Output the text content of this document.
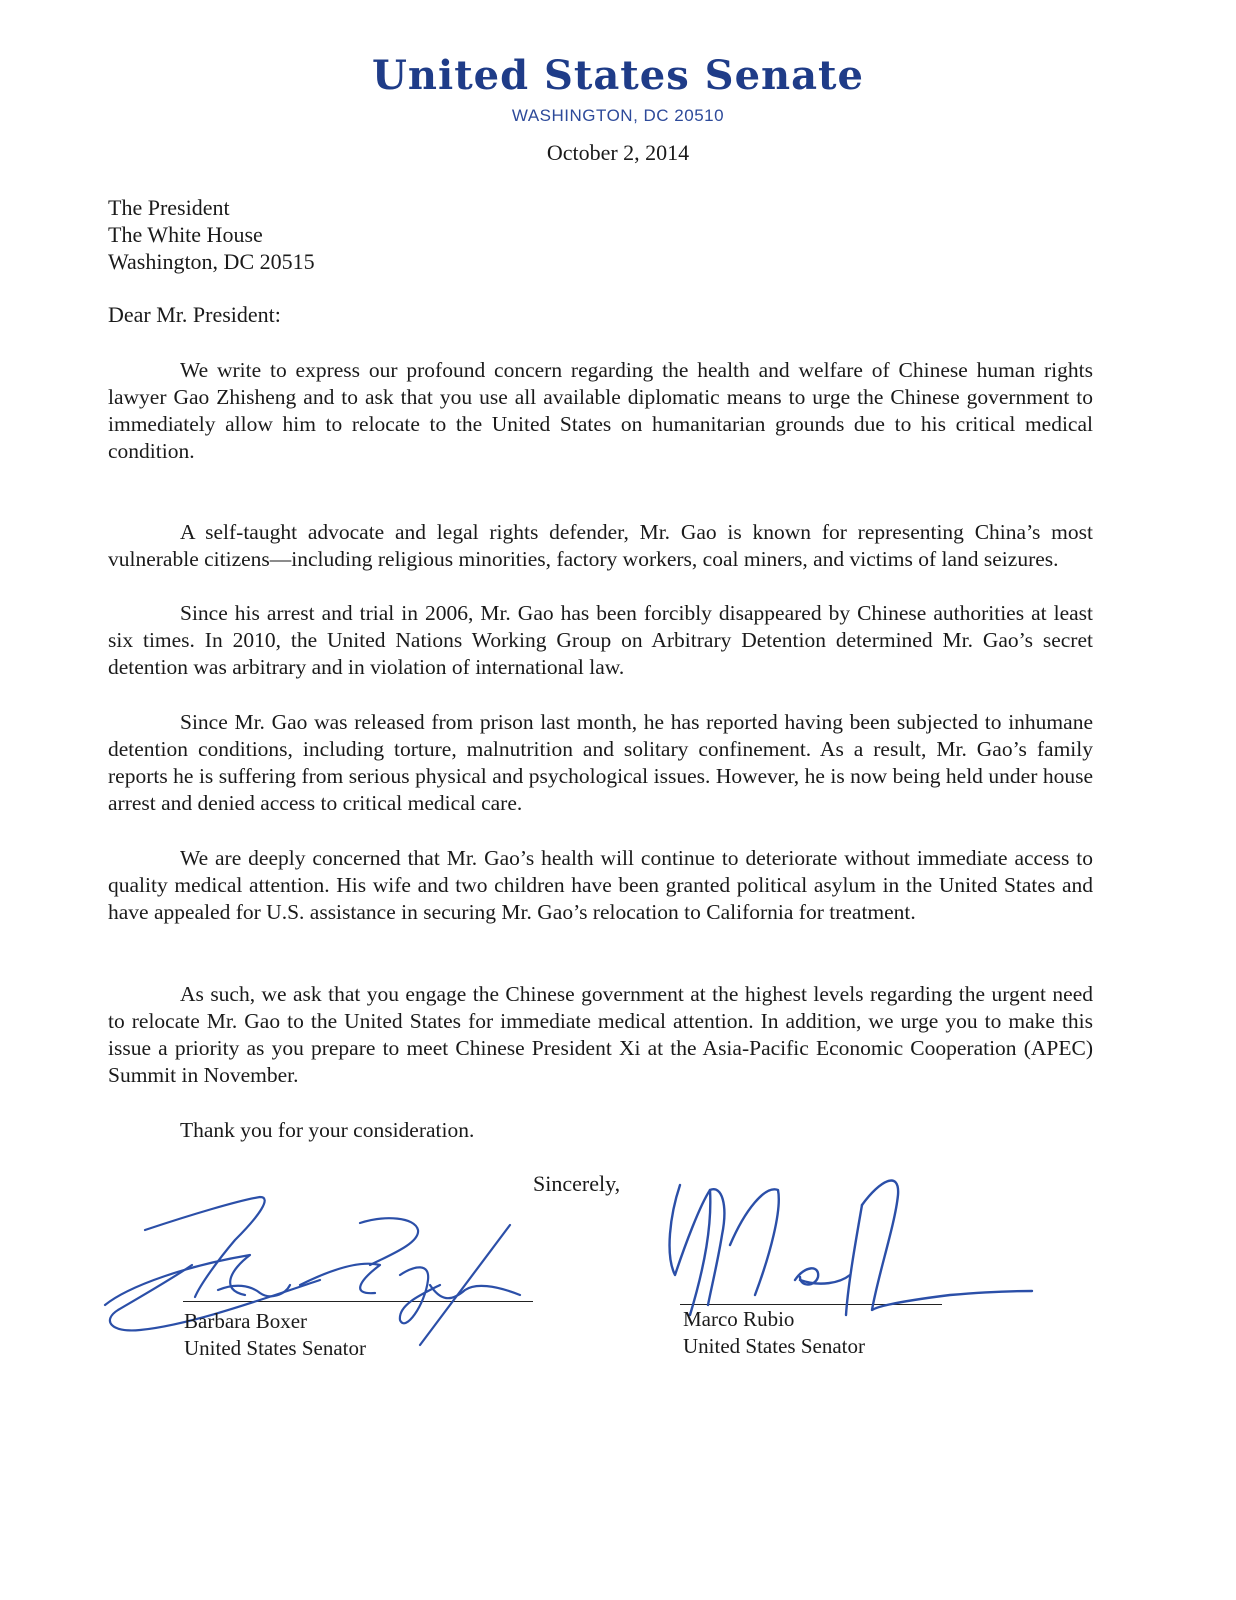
United States Senate
WASHINGTON, DC 20510
October 2, 2014
The President
The White House
Washington, DC 20515
Dear Mr. President:

We write to express our profound concern regarding the health and welfare of Chinese human rights lawyer Gao Zhisheng and to ask that you use all available diplomatic means to urge the Chinese government to immediately allow him to relocate to the United States on humanitarian grounds due to his critical medical condition.

A self-taught advocate and legal rights defender, Mr. Gao is known for representing China’s most vulnerable citizens—including religious minorities, factory workers, coal miners, and victims of land seizures.

Since his arrest and trial in 2006, Mr. Gao has been forcibly disappeared by Chinese authorities at least six times. In 2010, the United Nations Working Group on Arbitrary Detention determined Mr. Gao’s secret detention was arbitrary and in violation of international law.

Since Mr. Gao was released from prison last month, he has reported having been subjected to inhumane detention conditions, including torture, malnutrition and solitary confinement. As a result, Mr. Gao’s family reports he is suffering from serious physical and psychological issues. However, he is now being held under house arrest and denied access to critical medical care.

We are deeply concerned that Mr. Gao’s health will continue to deteriorate without immediate access to quality medical attention. His wife and two children have been granted political asylum in the United States and have appealed for U.S. assistance in securing Mr. Gao’s relocation to California for treatment.

As such, we ask that you engage the Chinese government at the highest levels regarding the urgent need to relocate Mr. Gao to the United States for immediate medical attention. In addition, we urge you to make this issue a priority as you prepare to meet Chinese President Xi at the Asia-Pacific Economic Cooperation (APEC) Summit in November.

Thank you for your consideration.

Sincerely,
Barbara Boxer
United States Senator
Marco Rubio
United States Senator
